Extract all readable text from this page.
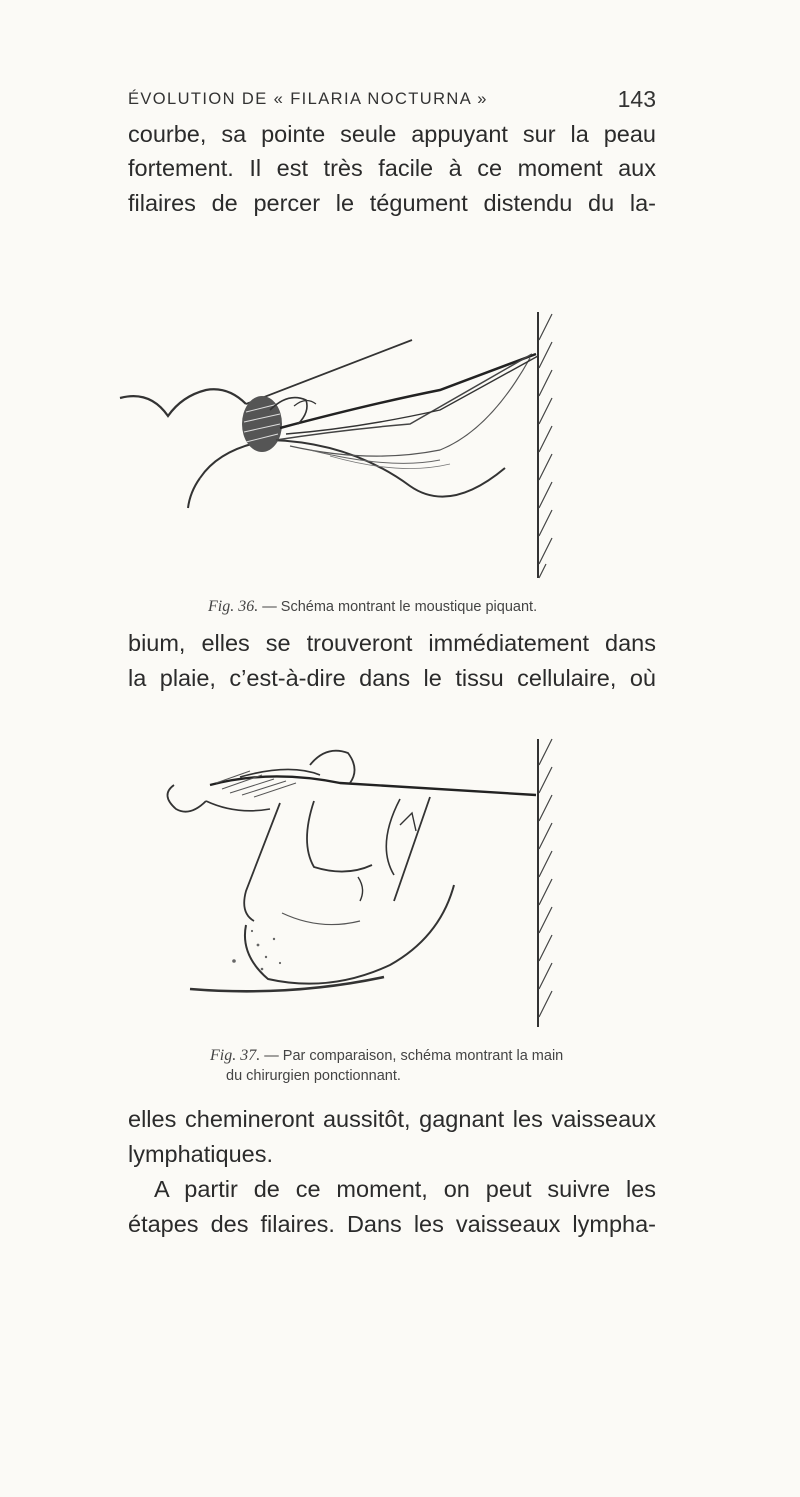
ÉVOLUTION DE « FILARIA NOCTURNA »	143
courbe, sa pointe seule appuyant sur la peau
fortement. Il est très facile à ce moment aux
filaires de percer le tégument distendu du la-
Fig. 36. — Schéma montrant le moustique piquant.
bium, elles se trouveront immédiatement dans
la plaie, c’est-à-dire dans le tissu cellulaire, où
Fig. 37. — Par comparaison, schéma montrant la main
du chirurgien ponctionnant.
elles chemineront aussitôt, gagnant les vaisseaux
lymphatiques.
A partir de ce moment, on peut suivre les
étapes des filaires. Dans les vaisseaux lympha-
